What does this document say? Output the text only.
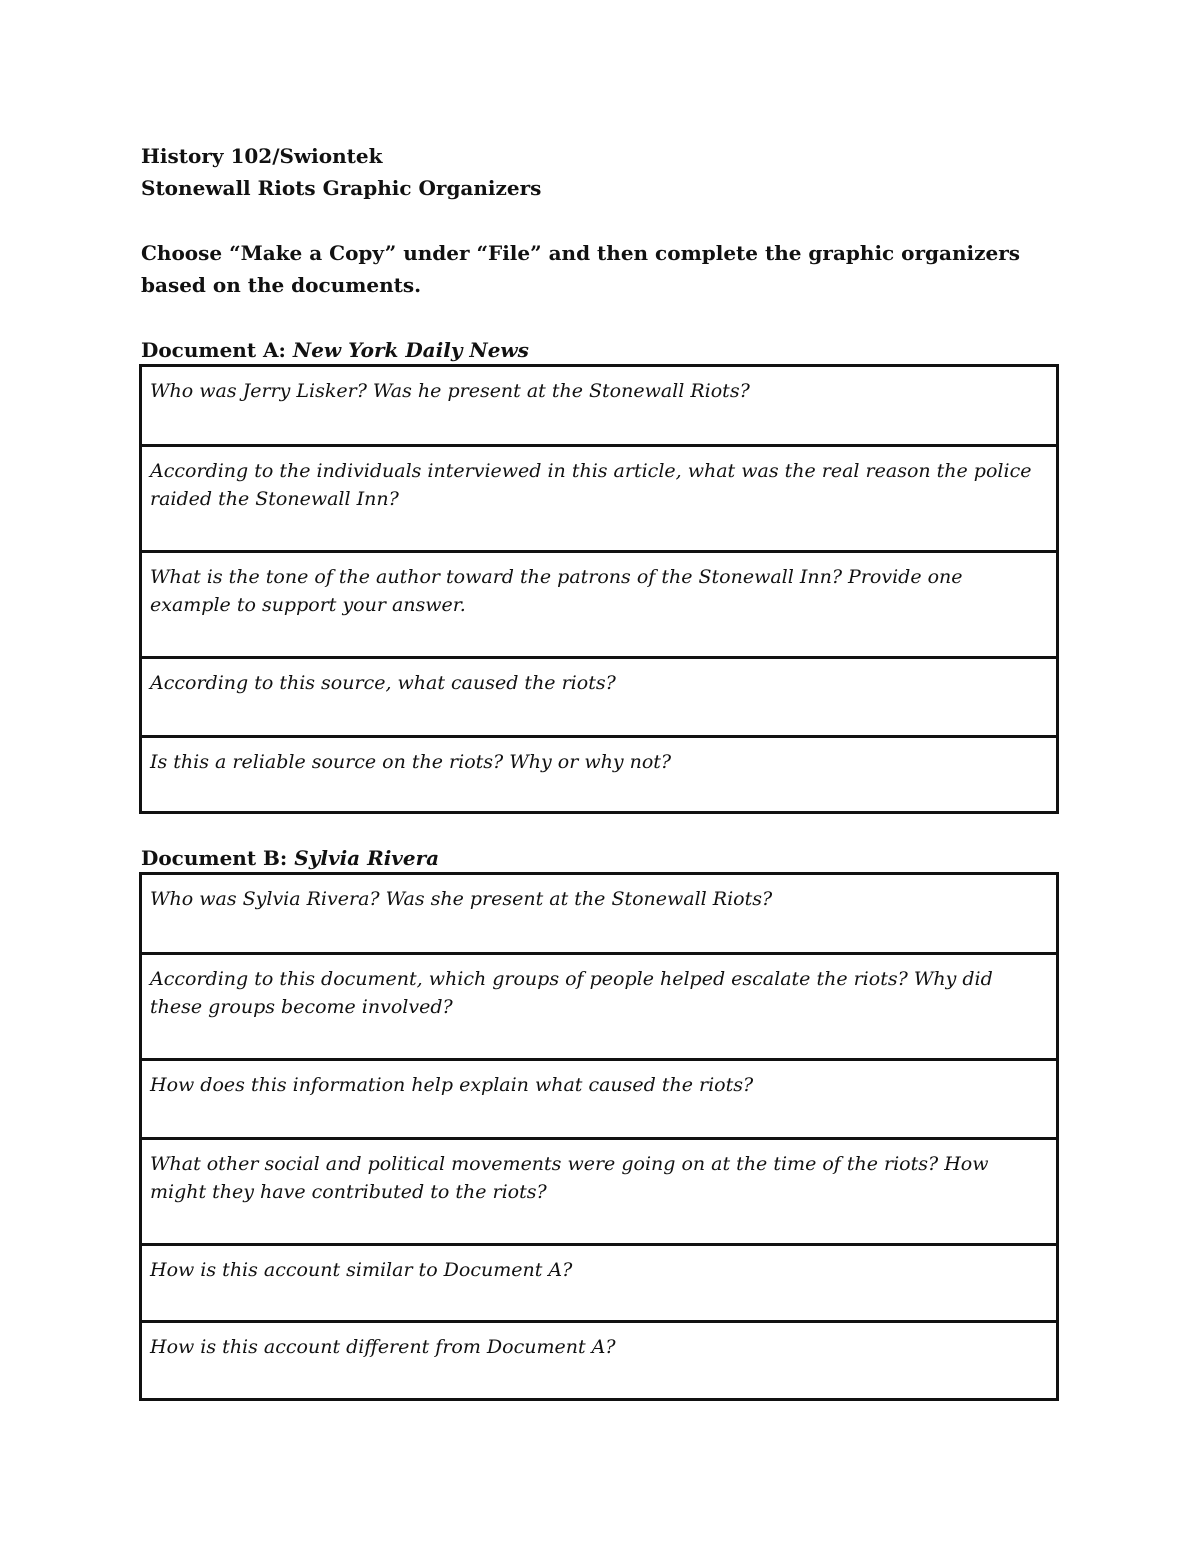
History 102/Swiontek
Stonewall Riots Graphic Organizers
Choose “Make a Copy” under “File” and then complete the graphic organizers based on the documents.
Document A: New York Daily News
Who was Jerry Lisker? Was he present at the Stonewall Riots?
According to the individuals interviewed in this article, what was the real reason the police raided the Stonewall Inn?
What is the tone of the author toward the patrons of the Stonewall Inn? Provide one example to support your answer.
According to this source, what caused the riots?
Is this a reliable source on the riots? Why or why not?
Document B: Sylvia Rivera
Who was Sylvia Rivera? Was she present at the Stonewall Riots?
According to this document, which groups of people helped escalate the riots? Why did these groups become involved?
How does this information help explain what caused the riots?
What other social and political movements were going on at the time of the riots? How might they have contributed to the riots?
How is this account similar to Document A?
How is this account different from Document A?
